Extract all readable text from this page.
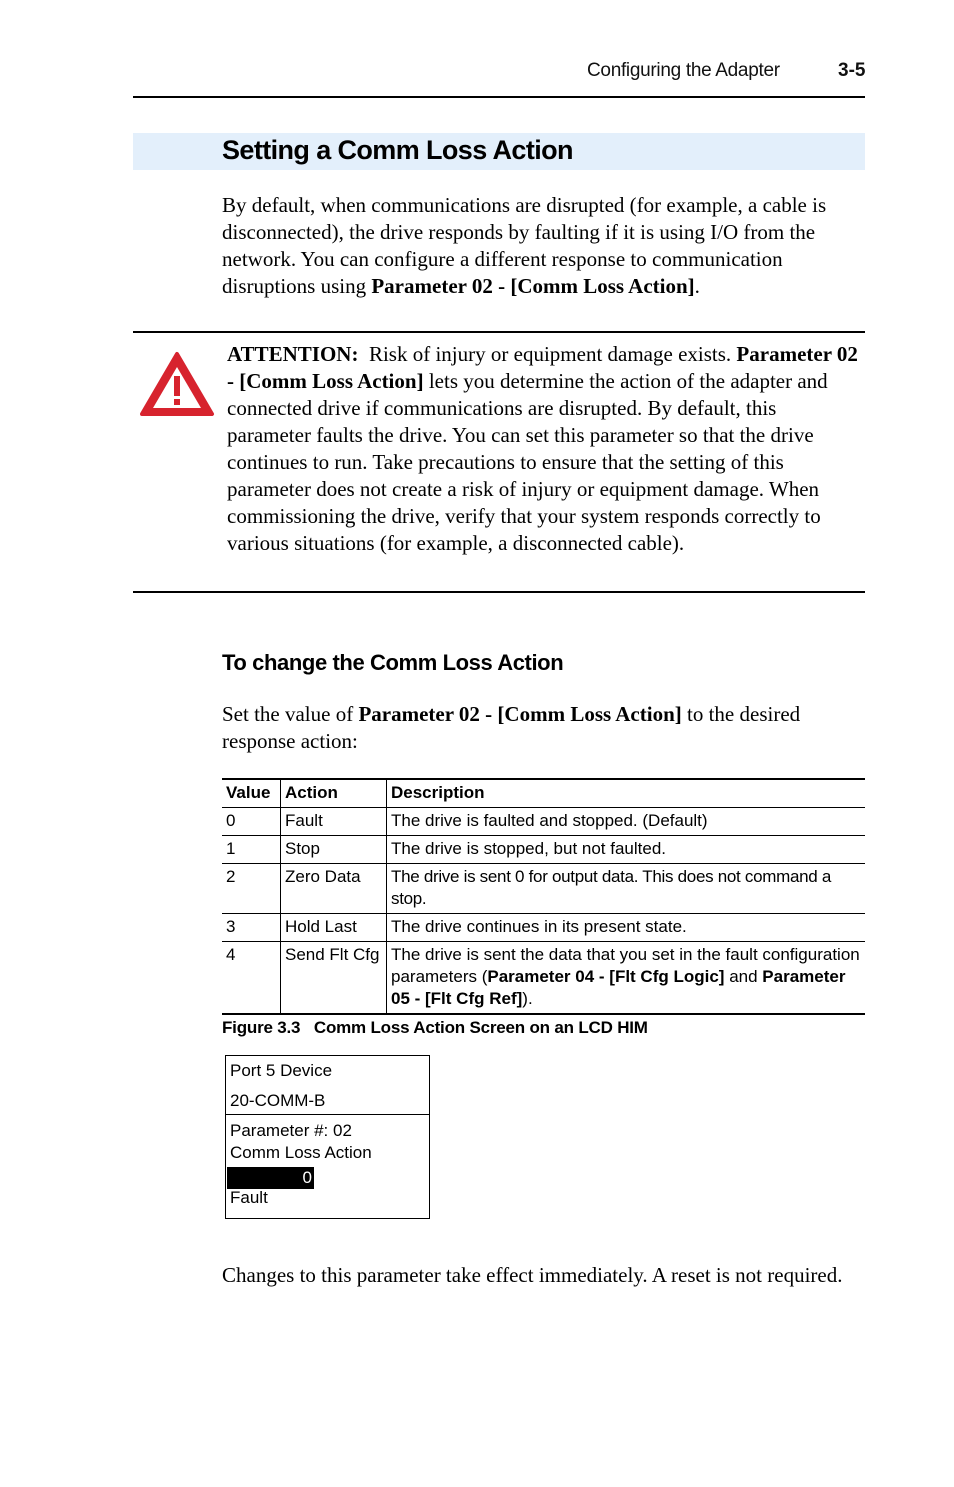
Configuring the Adapter	3-5
Setting a Comm Loss Action
By default, when communications are disrupted (for example, a cable is disconnected), the drive responds by faulting if it is using I/O from the network. You can configure a different response to communication disruptions using Parameter 02 - [Comm Loss Action].
ATTENTION:  Risk of injury or equipment damage exists. Parameter 02 - [Comm Loss Action] lets you determine the action of the adapter and connected drive if communications are disrupted. By default, this parameter faults the drive. You can set this parameter so that the drive continues to run. Take precautions to ensure that the setting of this parameter does not create a risk of injury or equipment damage. When commissioning the drive, verify that your system responds correctly to various situations (for example, a disconnected cable).
To change the Comm Loss Action
Set the value of Parameter 02 - [Comm Loss Action] to the desired response action:
Value	Action	Description
0	Fault	The drive is faulted and stopped. (Default)
1	Stop	The drive is stopped, but not faulted.
2	Zero Data	The drive is sent 0 for output data. This does not command a stop.
3	Hold Last	The drive continues in its present state.
4	Send Flt Cfg	The drive is sent the data that you set in the fault configuration parameters (Parameter 04 - [Flt Cfg Logic] and Parameter 05 - [Flt Cfg Ref]).
Figure 3.3   Comm Loss Action Screen on an LCD HIM
Port 5 Device
20-COMM-B
Parameter #: 02
Comm Loss Action
0
Fault
Changes to this parameter take effect immediately. A reset is not required.
